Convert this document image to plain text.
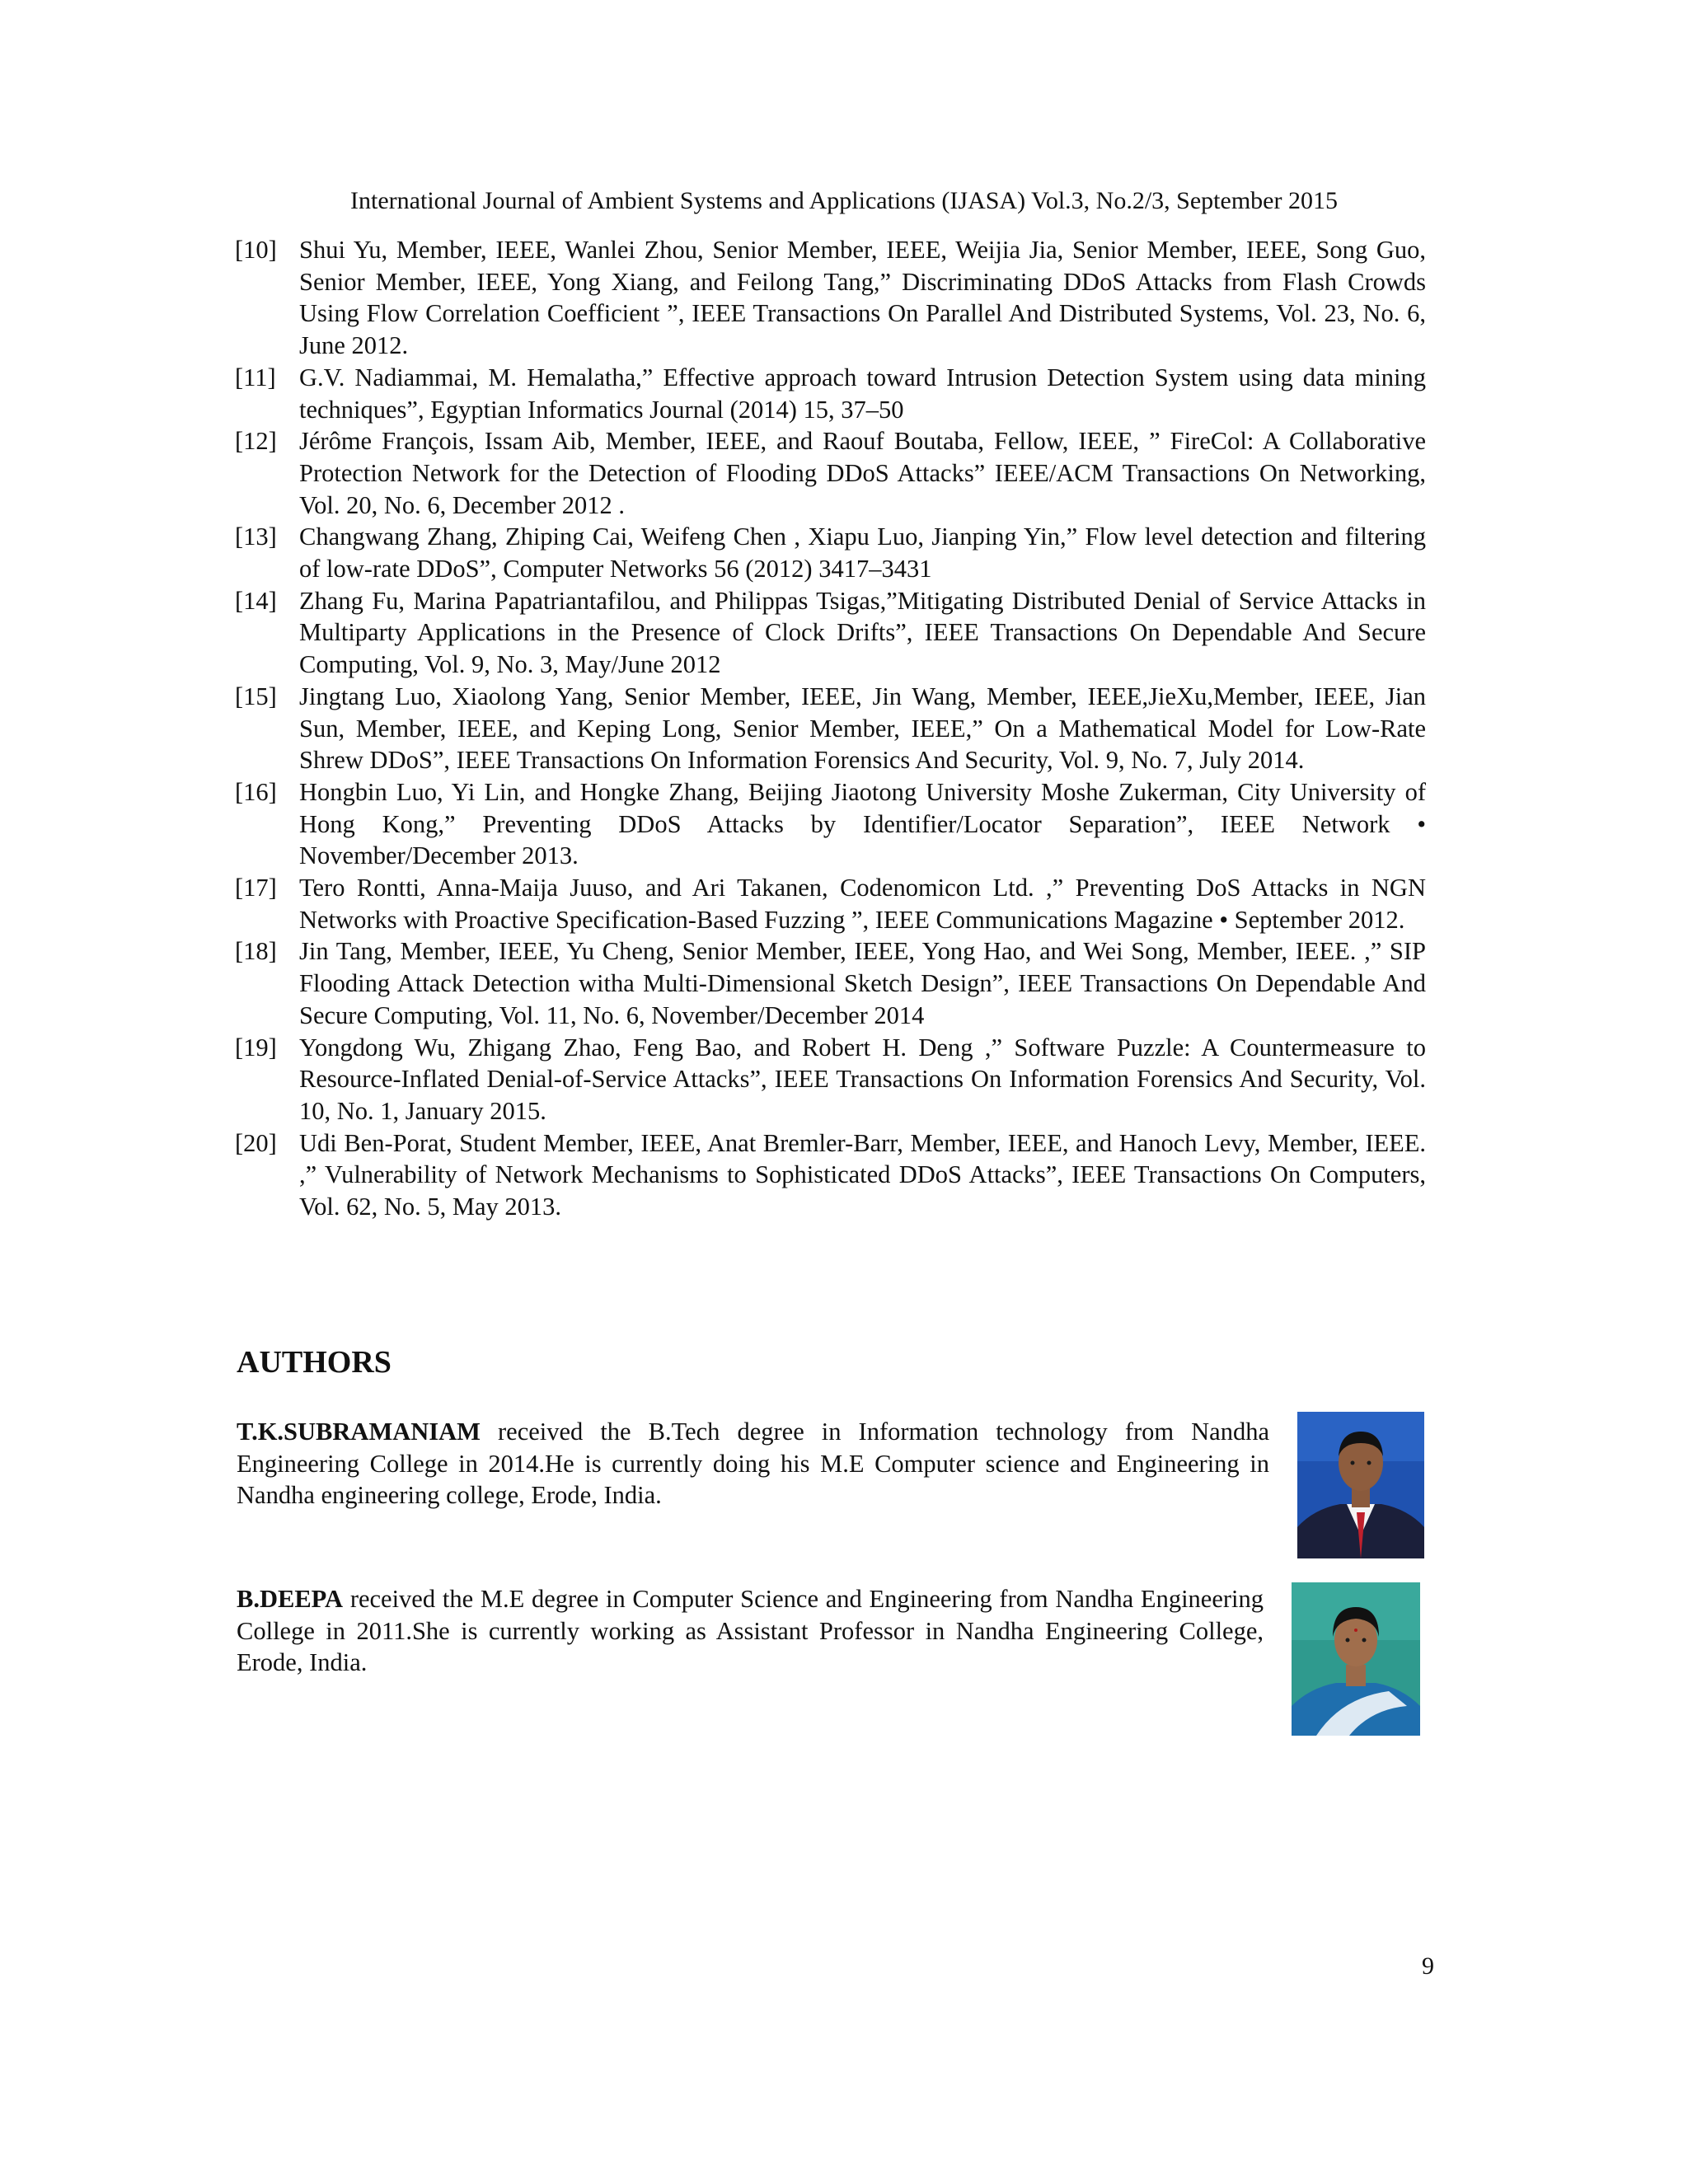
International Journal of Ambient Systems and Applications (IJASA) Vol.3, No.2/3, September 2015
[10] Shui Yu, Member, IEEE, Wanlei Zhou, Senior Member, IEEE, Weijia Jia, Senior Member, IEEE, Song Guo, Senior Member, IEEE, Yong Xiang, and Feilong Tang,” Discriminating DDoS Attacks from Flash Crowds Using Flow Correlation Coefficient ”, IEEE Transactions On Parallel And Distributed Systems, Vol. 23, No. 6, June 2012.
[11] G.V. Nadiammai, M. Hemalatha,” Effective approach toward Intrusion Detection System using data mining techniques”, Egyptian Informatics Journal (2014) 15, 37–50
[12] Jérôme François, Issam Aib, Member, IEEE, and Raouf Boutaba, Fellow, IEEE, ” FireCol: A Collaborative Protection Network for the Detection of Flooding DDoS Attacks” IEEE/ACM Transactions On Networking, Vol. 20, No. 6, December 2012 .
[13] Changwang Zhang, Zhiping Cai, Weifeng Chen , Xiapu Luo, Jianping Yin,” Flow level detection and filtering of low-rate DDoS”, Computer Networks 56 (2012) 3417–3431
[14] Zhang Fu, Marina Papatriantafilou, and Philippas Tsigas,”Mitigating Distributed Denial of Service Attacks in Multiparty Applications in the Presence of Clock Drifts”, IEEE Transactions On Dependable And Secure Computing, Vol. 9, No. 3, May/June 2012
[15] Jingtang Luo, Xiaolong Yang, Senior Member, IEEE, Jin Wang, Member, IEEE,JieXu,Member, IEEE, Jian Sun, Member, IEEE, and Keping Long, Senior Member, IEEE,” On a Mathematical Model for Low-Rate Shrew DDoS”, IEEE Transactions On Information Forensics And Security, Vol. 9, No. 7, July 2014.
[16] Hongbin Luo, Yi Lin, and Hongke Zhang, Beijing Jiaotong University Moshe Zukerman, City University of Hong Kong,” Preventing DDoS Attacks by Identifier/Locator Separation”, IEEE Network • November/December 2013.
[17] Tero Rontti, Anna-Maija Juuso, and Ari Takanen, Codenomicon Ltd. ,” Preventing DoS Attacks in NGN Networks with Proactive Specification-Based Fuzzing ”, IEEE Communications Magazine • September 2012.
[18] Jin Tang, Member, IEEE, Yu Cheng, Senior Member, IEEE, Yong Hao, and Wei Song, Member, IEEE. ,” SIP Flooding Attack Detection witha Multi-Dimensional Sketch Design”, IEEE Transactions On Dependable And Secure Computing, Vol. 11, No. 6, November/December 2014
[19] Yongdong Wu, Zhigang Zhao, Feng Bao, and Robert H. Deng ,” Software Puzzle: A Countermeasure to Resource-Inflated Denial-of-Service Attacks”, IEEE Transactions On Information Forensics And Security, Vol. 10, No. 1, January 2015.
[20] Udi Ben-Porat, Student Member, IEEE, Anat Bremler-Barr, Member, IEEE, and Hanoch Levy, Member, IEEE. ,” Vulnerability of Network Mechanisms to Sophisticated DDoS Attacks”, IEEE Transactions On Computers, Vol. 62, No. 5, May 2013.
AUTHORS
T.K.SUBRAMANIAM received the B.Tech degree in Information technology from Nandha Engineering College in 2014.He is currently doing his M.E Computer science and Engineering in Nandha engineering college, Erode, India.
B.DEEPA received the M.E degree in Computer Science and Engineering from Nandha Engineering College in 2011.She is currently working as Assistant Professor in Nandha Engineering College, Erode, India.
9
